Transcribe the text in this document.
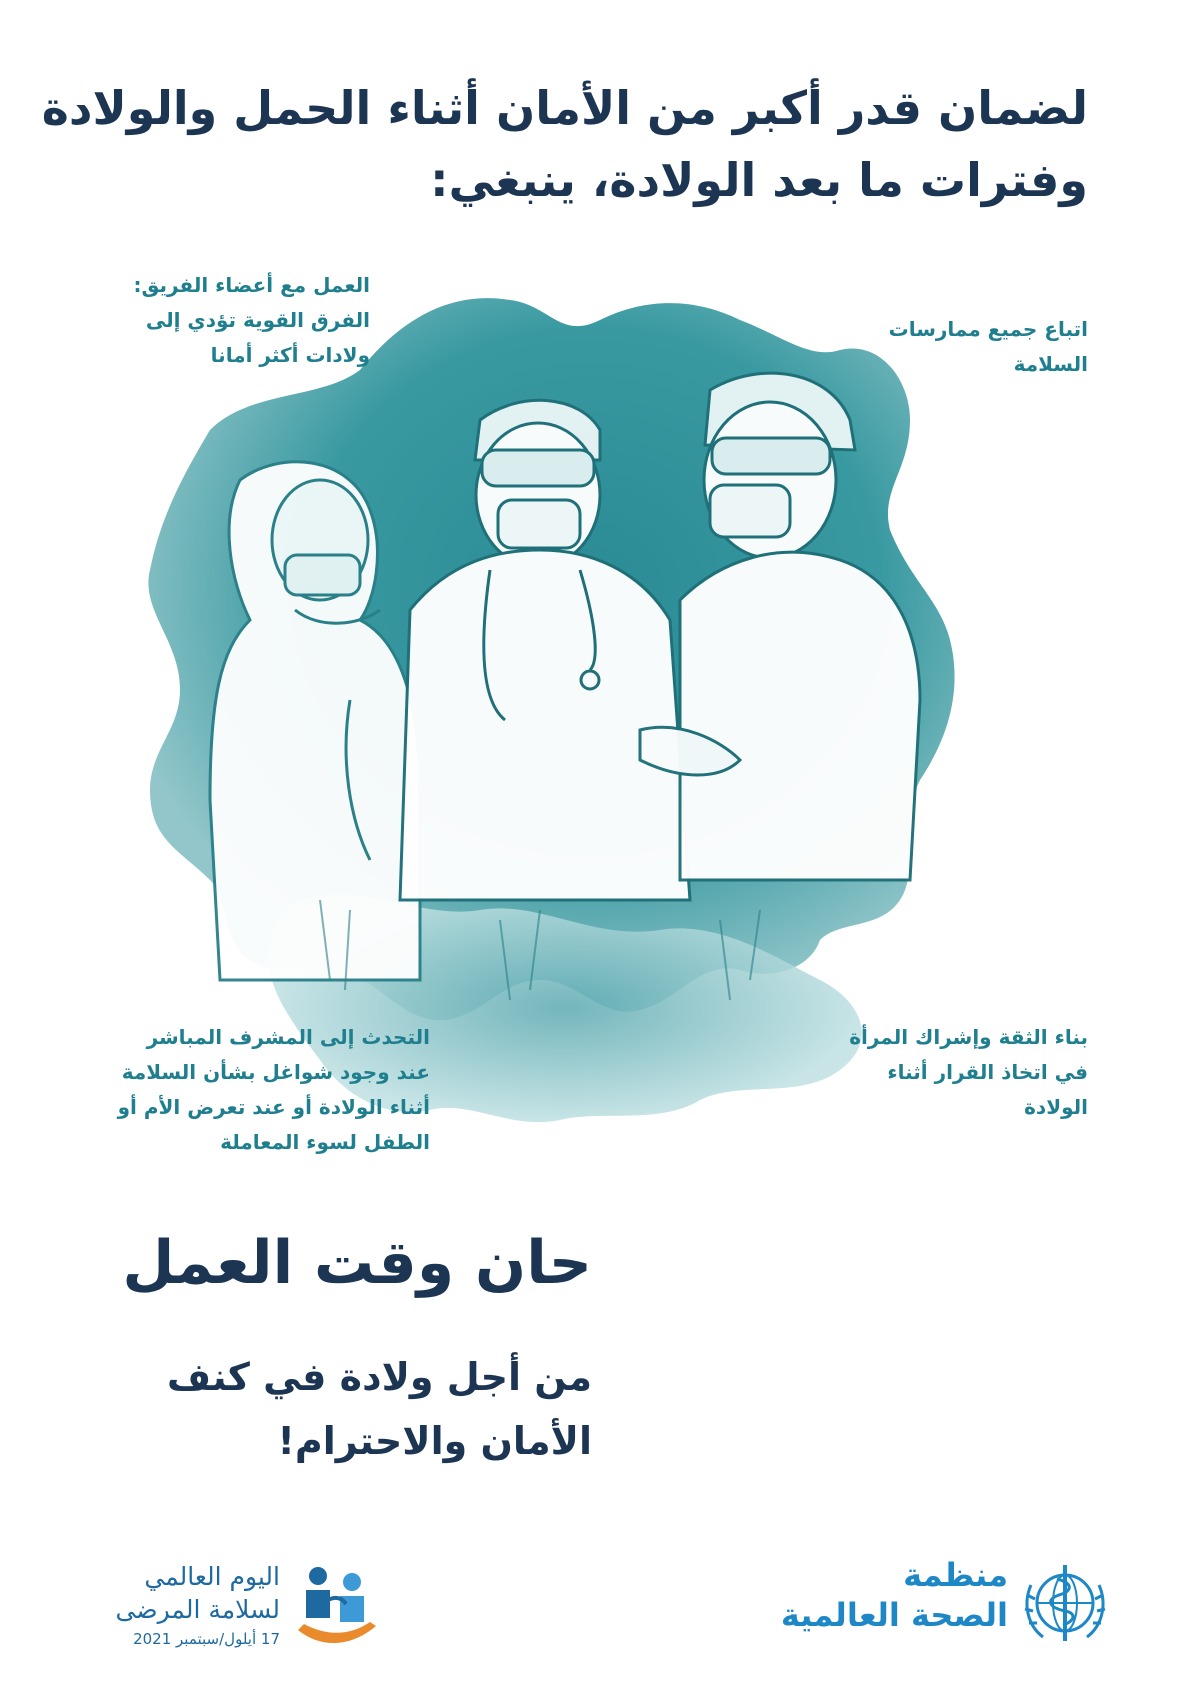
لضمان قدر أكبر من الأمان أثناء الحمل والولادة
وفترات ما بعد الولادة، ينبغي:
العمل مع أعضاء الفريق:
الفرق القوية تؤدي إلى
ولادات أكثر أمانا
اتباع جميع ممارسات
السلامة
التحدث إلى المشرف المباشر
عند وجود شواغل بشأن السلامة
أثناء الولادة أو عند تعرض الأم أو
الطفل لسوء المعاملة
بناء الثقة وإشراك المرأة
في اتخاذ القرار أثناء
الولادة
حان وقت العمل
من أجل ولادة في كنف
الأمان والاحترام!
اليوم العالمي
لسلامة المرضى
17 أيلول/سبتمبر 2021
منظمة
الصحة العالمية
